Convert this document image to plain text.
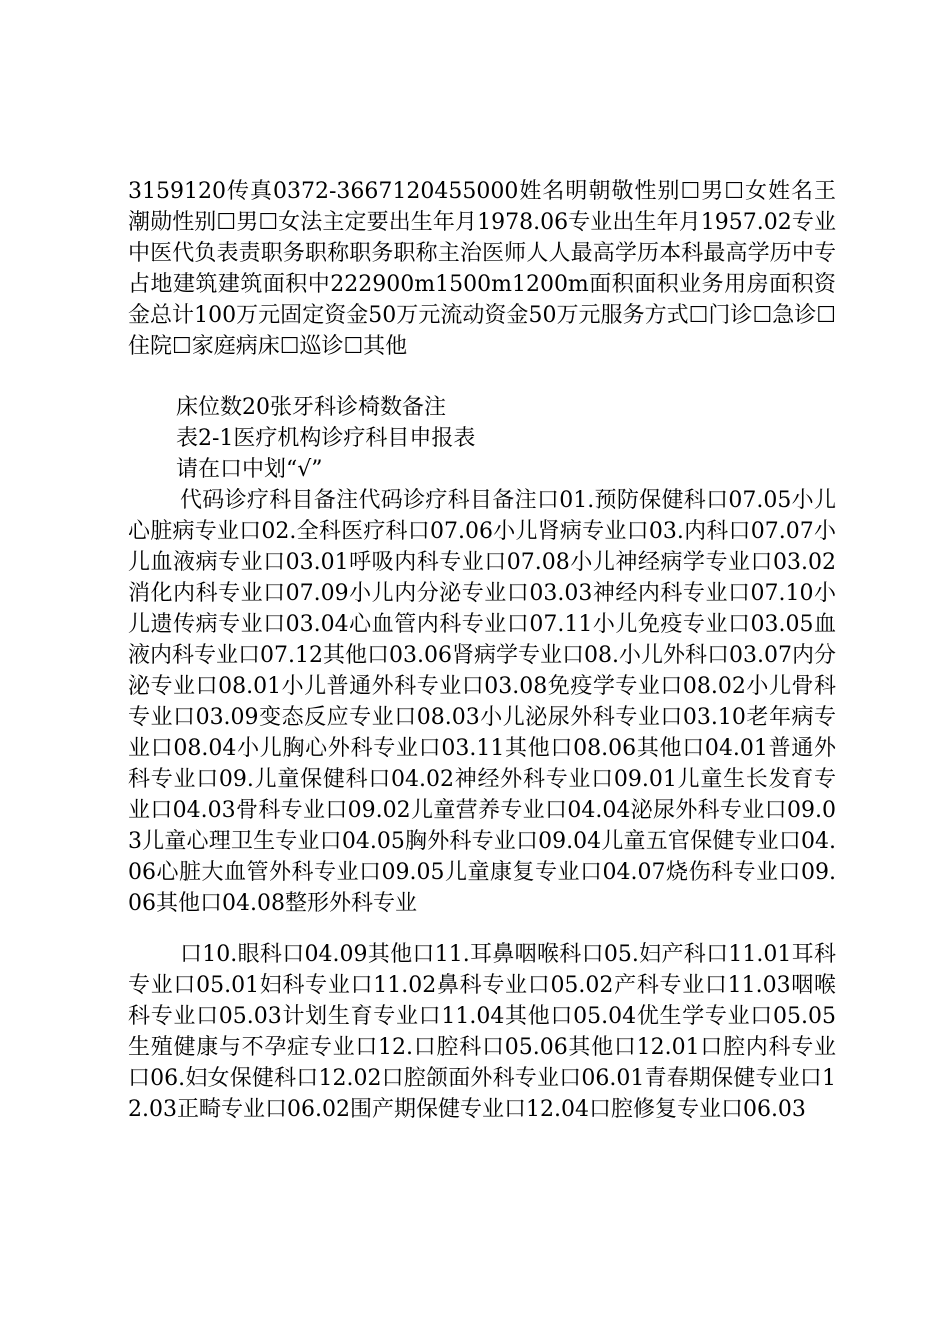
3159120传真0372-3667120455000姓名明朝敬性别☐男☐女姓名王潮勋性别☐男☐女法主定要出生年月1978.06专业出生年月1957.02专业中医代负表责职务职称职务职称主治医师人人最高学历本科最高学历中专占地建筑建筑面积中222900m1500m1200m面积面积业务用房面积资金总计100万元固定资金50万元流动资金50万元服务方式☐门诊☐急诊☐住院☐家庭病床☐巡诊☐其他
床位数20张牙科诊椅数备注
表2-1医疗机构诊疗科目申报表
请在口中划“√”
代码诊疗科目备注代码诊疗科目备注口01.预防保健科口07.05小儿心脏病专业口02.全科医疗科口07.06小儿肾病专业口03.内科口07.07小儿血液病专业口03.01呼吸内科专业口07.08小儿神经病学专业口03.02消化内科专业口07.09小儿内分泌专业口03.03神经内科专业口07.10小儿遗传病专业口03.04心血管内科专业口07.11小儿免疫专业口03.05血液内科专业口07.12其他口03.06肾病学专业口08.小儿外科口03.07内分泌专业口08.01小儿普通外科专业口03.08免疫学专业口08.02小儿骨科专业口03.09变态反应专业口08.03小儿泌尿外科专业口03.10老年病专业口08.04小儿胸心外科专业口03.11其他口08.06其他口04.01普通外科专业口09.儿童保健科口04.02神经外科专业口09.01儿童生长发育专业口04.03骨科专业口09.02儿童营养专业口04.04泌尿外科专业口09.03儿童心理卫生专业口04.05胸外科专业口09.04儿童五官保健专业口04.06心脏大血管外科专业口09.05儿童康复专业口04.07烧伤科专业口09.06其他口04.08整形外科专业
口10.眼科口04.09其他口11.耳鼻咽喉科口05.妇产科口11.01耳科专业口05.01妇科专业口11.02鼻科专业口05.02产科专业口11.03咽喉科专业口05.03计划生育专业口11.04其他口05.04优生学专业口05.05生殖健康与不孕症专业口12.口腔科口05.06其他口12.01口腔内科专业口06.妇女保健科口12.02口腔颌面外科专业口06.01青春期保健专业口12.03正畸专业口06.02围产期保健专业口12.04口腔修复专业口06.03
